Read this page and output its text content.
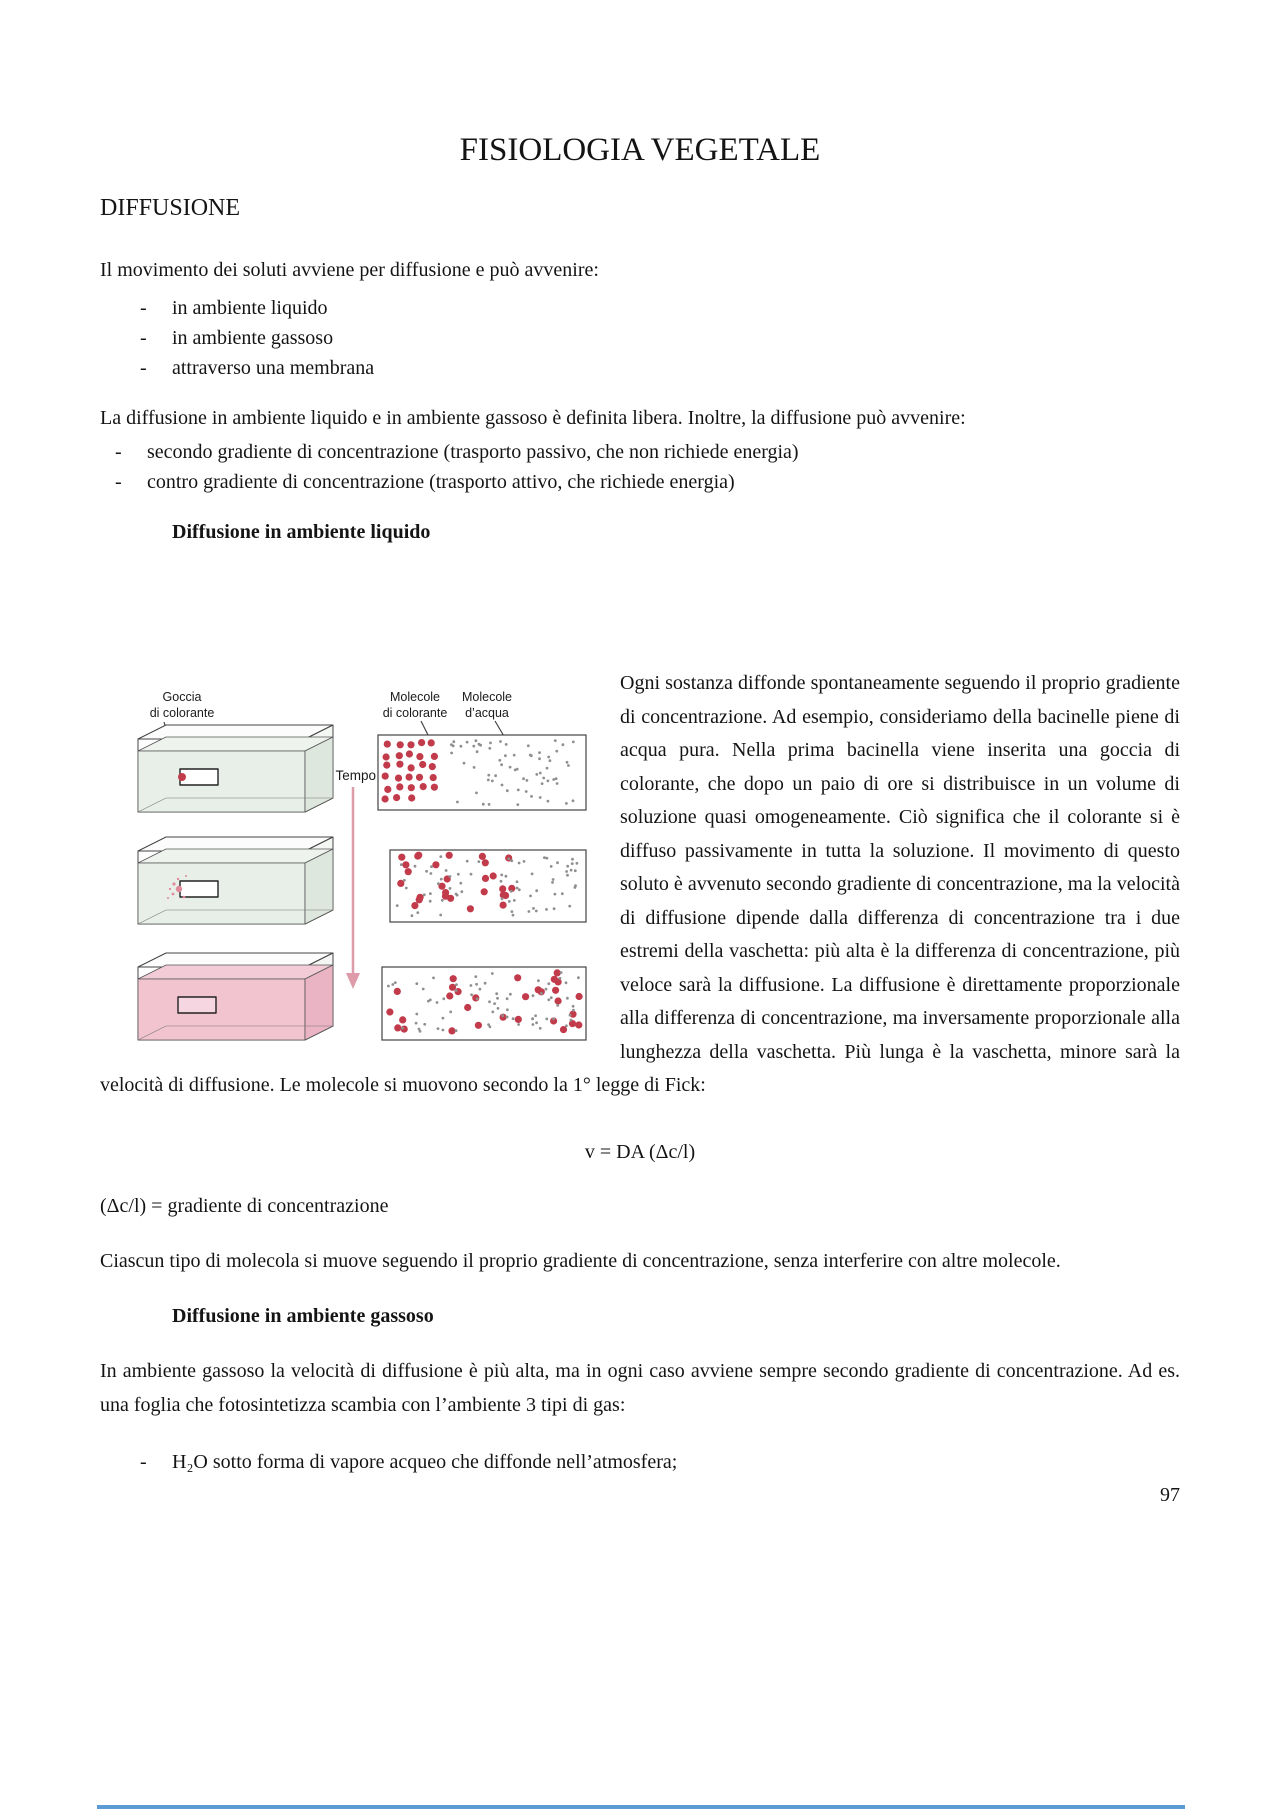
FISIOLOGIA VEGETALE
DIFFUSIONE

Il movimento dei soluti avviene per diffusione e può avvenire:

- in ambiente liquido
- in ambiente gassoso
- attraverso una membrana

La diffusione in ambiente liquido e in ambiente gassoso è definita libera. Inoltre, la diffusione può avvenire:

- secondo gradiente di concentrazione (trasporto passivo, che non richiede energia)
- contro gradiente di concentrazione (trasporto attivo, che richiede energia)
Diffusione in ambiente liquido
Goccia
di colorante
Molecole
di colorante
Molecole
d’acqua
Tempo

Ogni sostanza diffonde spontaneamente seguendo il proprio gradiente di concentrazione. Ad esempio, consideriamo della bacinelle piene di acqua pura. Nella prima bacinella viene inserita una goccia di colorante, che dopo un paio di ore si distribuisce in un volume di soluzione quasi omogeneamente. Ciò significa che il colorante si è diffuso passivamente in tutta la soluzione. Il movimento di questo soluto è avvenuto secondo gradiente di concentrazione, ma la velocità di diffusione dipende dalla differenza di concentrazione tra i due estremi della vaschetta: più alta è la differenza di concentrazione, più veloce sarà la diffusione. La diffusione è direttamente proporzionale alla differenza di concentrazione, ma inversamente proporzionale alla lunghezza della vaschetta. Più lunga è la vaschetta, minore sarà la velocità di diffusione. Le molecole si muovono secondo la 1° legge di Fick:

v = DA (Δc/l)

(Δc/l) = gradiente di concentrazione

Ciascun tipo di molecola si muove seguendo il proprio gradiente di concentrazione, senza interferire con altre molecole.

Diffusione in ambiente gassoso

In ambiente gassoso la velocità di diffusione è più alta, ma in ogni caso avviene sempre secondo gradiente di concentrazione. Ad es. una foglia che fotosintetizza scambia con l’ambiente 3 tipi di gas:

- H₂O sotto forma di vapore acqueo che diffonde nell’atmosfera;
97
